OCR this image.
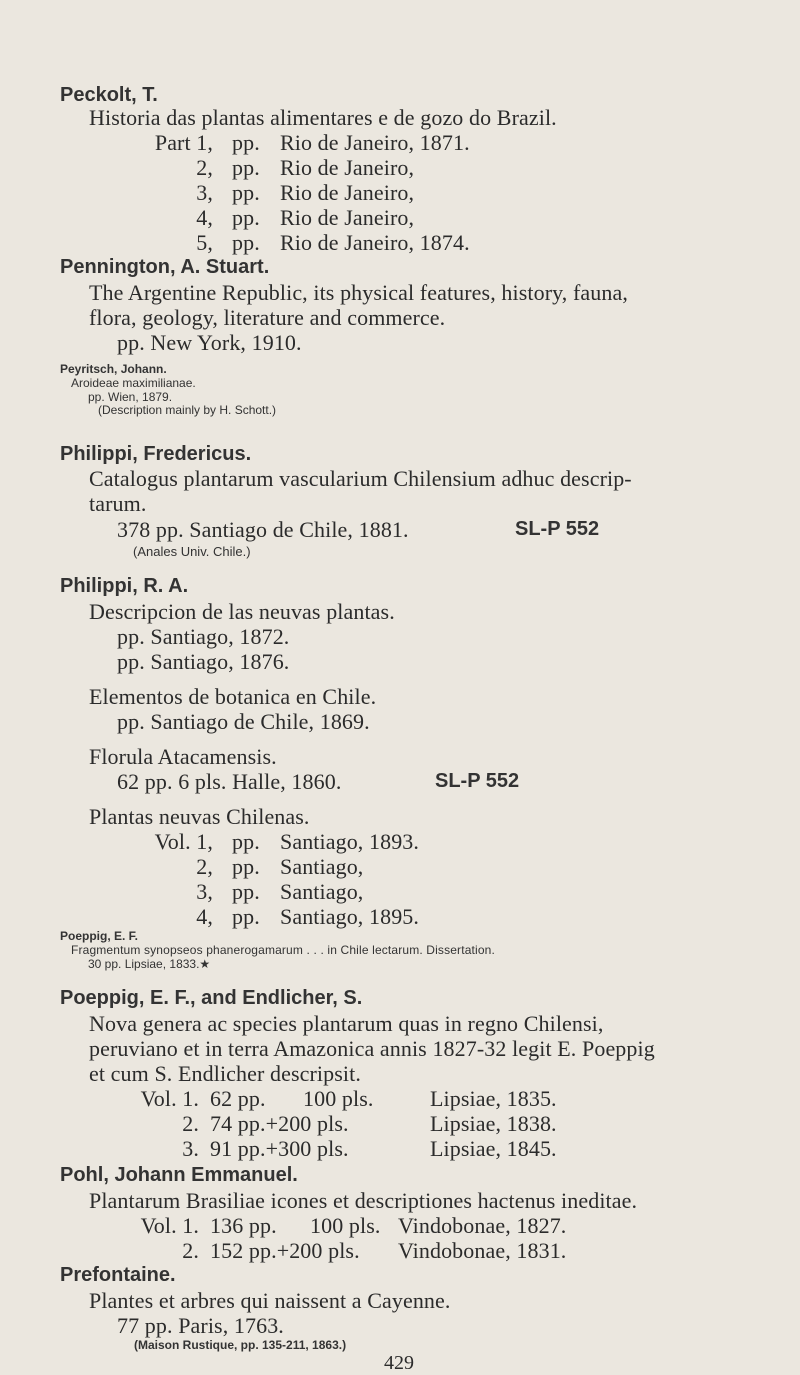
Peckolt, T.
Historia das plantas alimentares e de gozo do Brazil.
Part 1, pp. Rio de Janeiro, 1871.
2, pp. Rio de Janeiro,
3, pp. Rio de Janeiro,
4, pp. Rio de Janeiro,
5, pp. Rio de Janeiro, 1874.
Pennington, A. Stuart.
The Argentine Republic, its physical features, history, fauna,
flora, geology, literature and commerce.
pp. New York, 1910.
Peyritsch, Johann.
Aroideae maximilianae.
pp. Wien, 1879.
(Description mainly by H. Schott.)
Philippi, Fredericus.
Catalogus plantarum vascularium Chilensium adhuc descrip-
tarum.
378 pp. Santiago de Chile, 1881.	SL-P 552
(Anales Univ. Chile.)
Philippi, R. A.
Descripcion de las neuvas plantas.
pp. Santiago, 1872.
pp. Santiago, 1876.
Elementos de botanica en Chile.
pp. Santiago de Chile, 1869.
Florula Atacamensis.
62 pp. 6 pls. Halle, 1860.	SL-P 552
Plantas neuvas Chilenas.
Vol. 1, pp. Santiago, 1893.
2, pp. Santiago,
3, pp. Santiago,
4, pp. Santiago, 1895.
Poeppig, E. F.
Fragmentum synopseos phanerogamarum . . . in Chile lectarum. Dissertation.
30 pp. Lipsiae, 1833.★
Poeppig, E. F., and Endlicher, S.
Nova genera ac species plantarum quas in regno Chilensi,
peruviano et in terra Amazonica annis 1827-32 legit E. Poeppig
et cum S. Endlicher descripsit.
Vol. 1. 62 pp. 100 pls.	Lipsiae, 1835.
2. 74 pp.+200 pls.	Lipsiae, 1838.
3. 91 pp.+300 pls.	Lipsiae, 1845.
Pohl, Johann Emmanuel.
Plantarum Brasiliae icones et descriptiones hactenus ineditae.
Vol. 1. 136 pp. 100 pls. Vindobonae, 1827.
2. 152 pp.+200 pls. Vindobonae, 1831.
Prefontaine.
Plantes et arbres qui naissent a Cayenne.
77 pp. Paris, 1763.
(Maison Rustique, pp. 135-211, 1863.)
429
